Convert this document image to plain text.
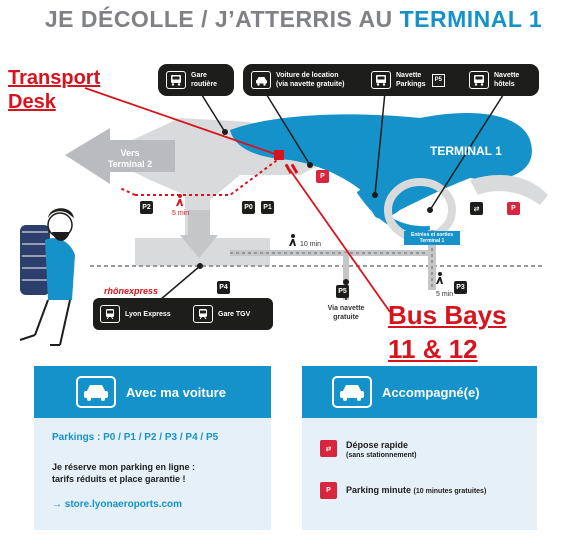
JE DÉCOLLE / J’ATTERRIS AU TERMINAL 1
Gare
routière
Voiture de location
(via navette gratuite)
Navette
Parkings
P5
Navette
hôtels
TERMINAL 1
Vers
Terminal 2
5 min
10 min
5 min
Entrées et sorties
Terminal 1
rhônexpress
Via navette
gratuite
P2	P0	P1
P4
P5
P3
P
⇄	P
Lyon Express	Gare TGV
Transport
Desk
Bus Bays
11 & 12
Avec ma voiture
Parkings : P0 / P1 / P2 / P3 / P4 / P5
Je réserve mon parking en ligne :
tarifs réduits et place garantie !
→ store.lyonaeroports.com
Accompagné(e)
⇄	Dépose rapide
(sans stationnement)
P	Parking minute (10 minutes gratuites)
